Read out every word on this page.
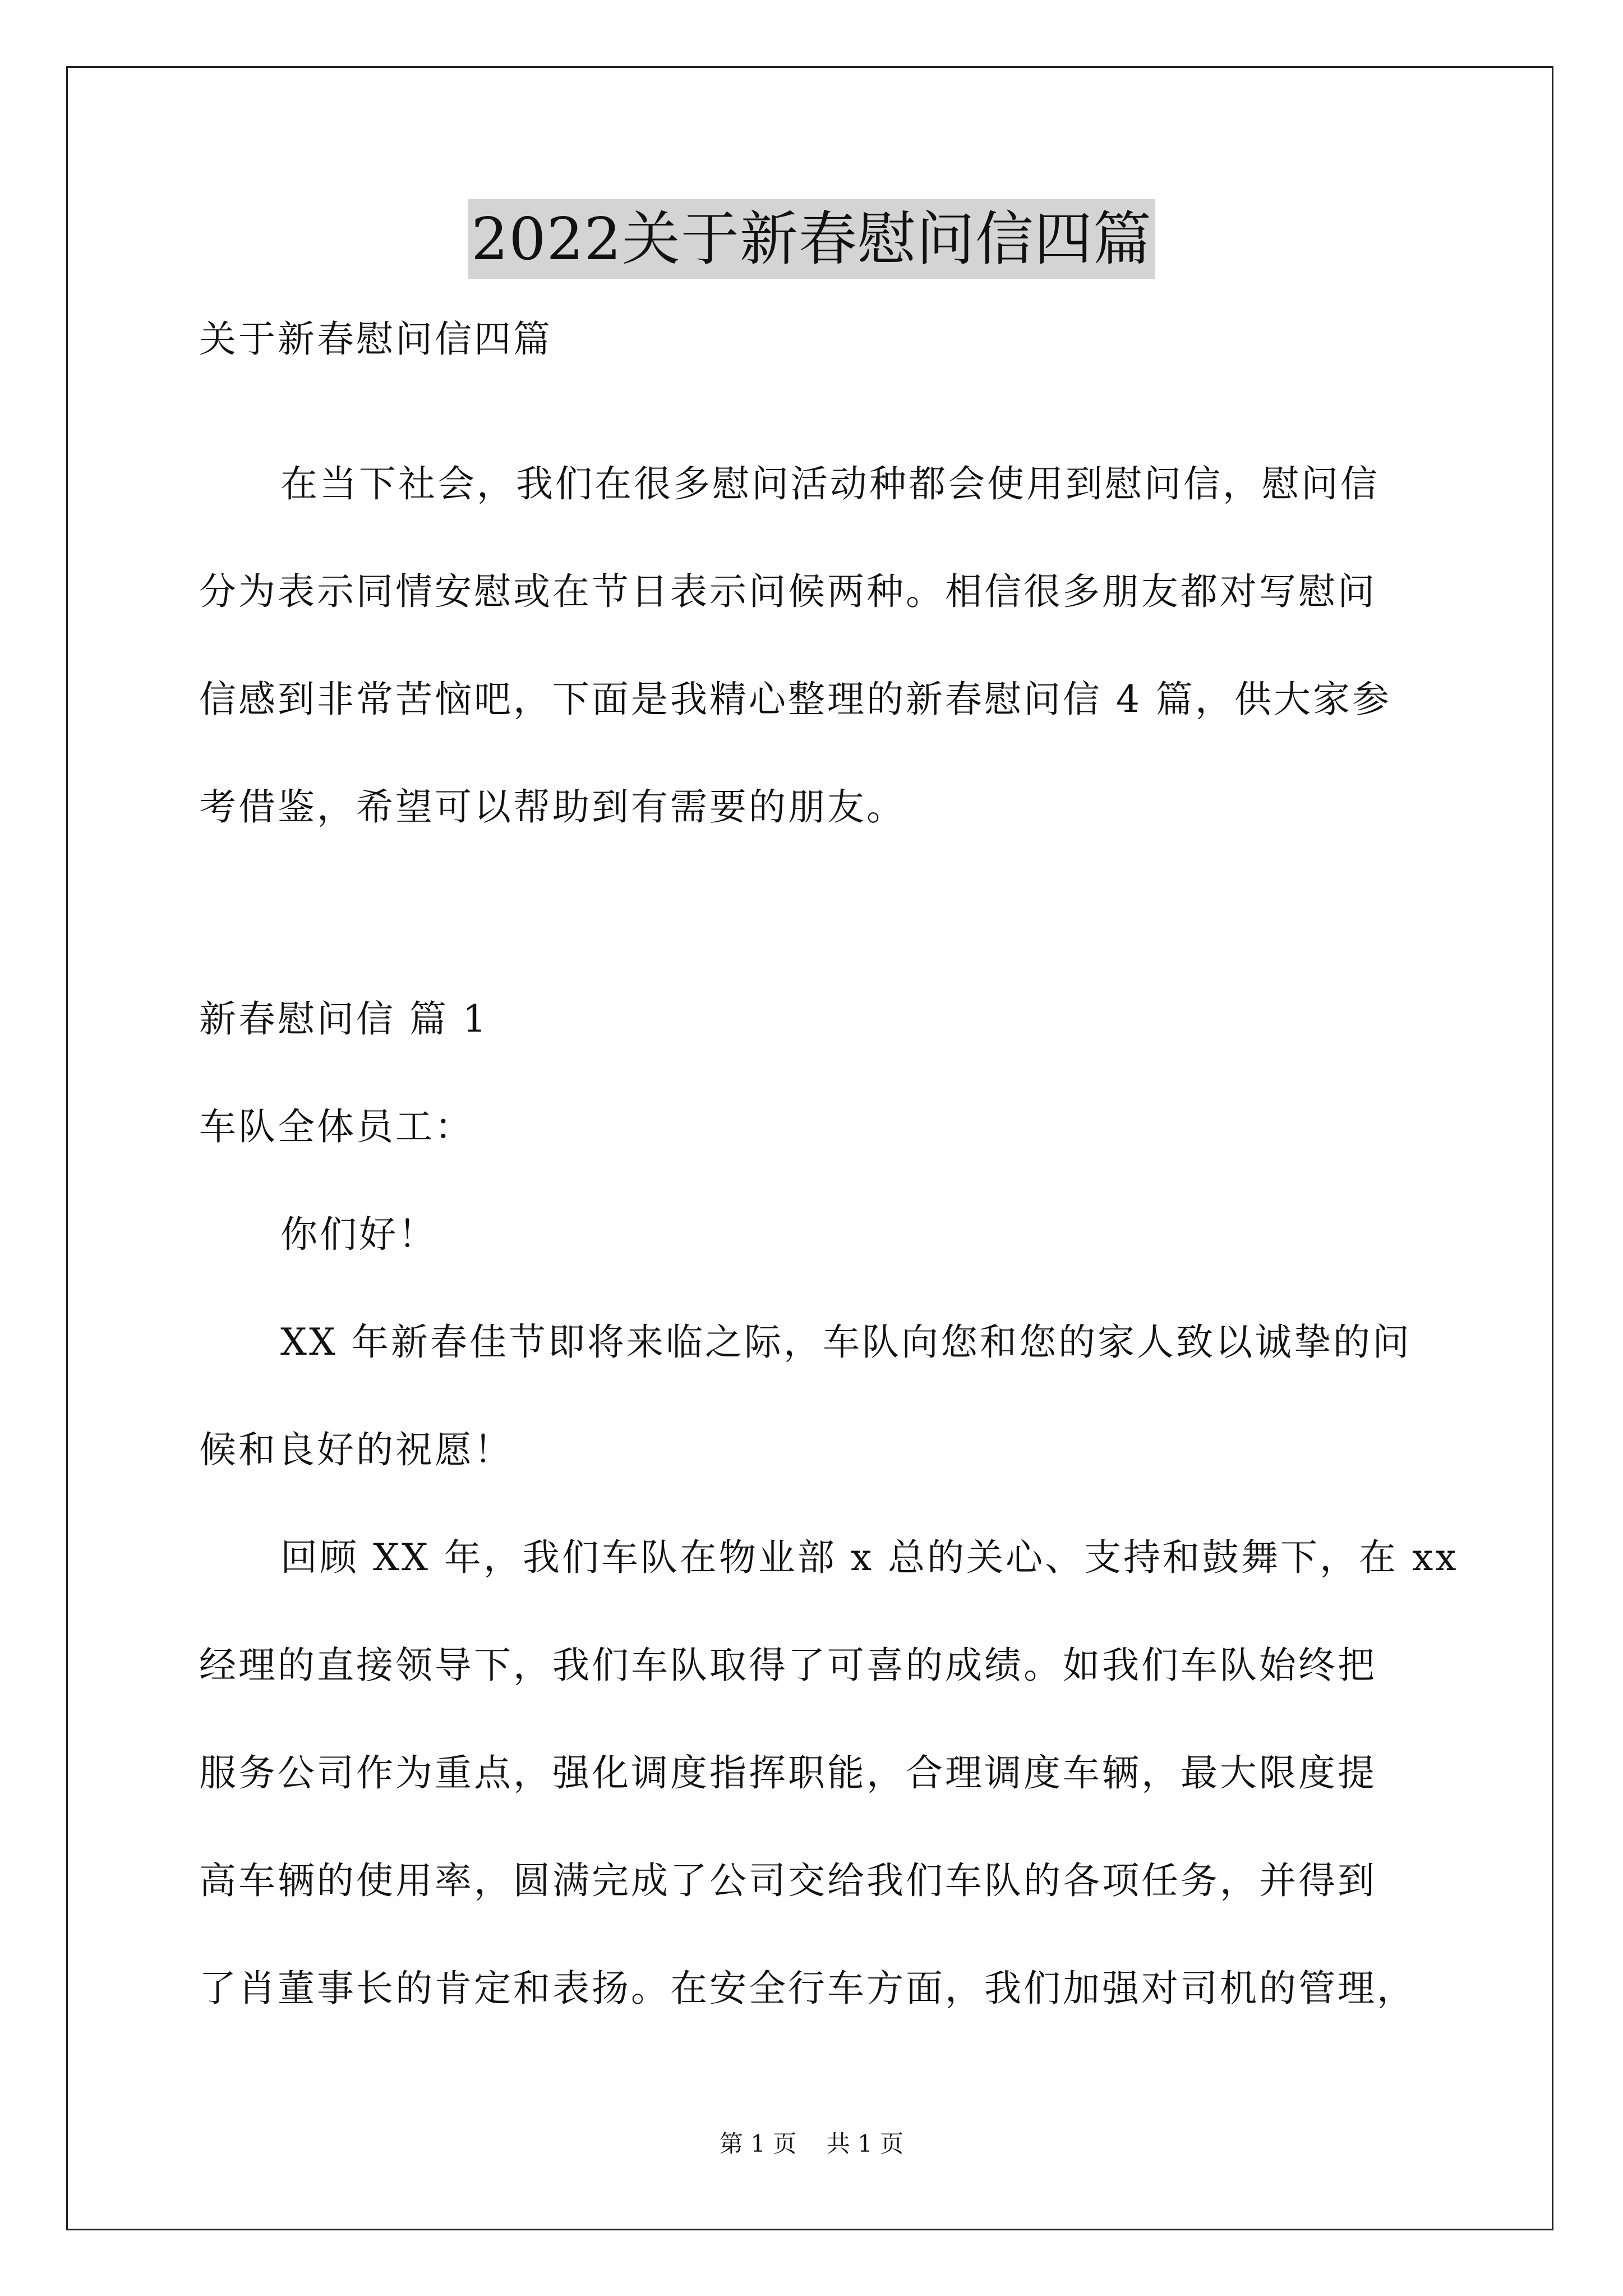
2022关于新春慰问信四篇
关于新春慰问信四篇
在当下社会，我们在很多慰问活动种都会使用到慰问信，慰问信
分为表示同情安慰或在节日表示问候两种。相信很多朋友都对写慰问
信感到非常苦恼吧，下面是我精心整理的新春慰问信 4 篇，供大家参
考借鉴，希望可以帮助到有需要的朋友。
新春慰问信 篇 1
车队全体员工：
你们好！
XX 年新春佳节即将来临之际，车队向您和您的家人致以诚挚的问
候和良好的祝愿！
回顾 XX 年，我们车队在物业部 x 总的关心、支持和鼓舞下，在 xx
经理的直接领导下，我们车队取得了可喜的成绩。如我们车队始终把
服务公司作为重点，强化调度指挥职能，合理调度车辆，最大限度提
高车辆的使用率，圆满完成了公司交给我们车队的各项任务，并得到
了肖董事长的肯定和表扬。在安全行车方面，我们加强对司机的管理，
第 1 页    共 1 页
